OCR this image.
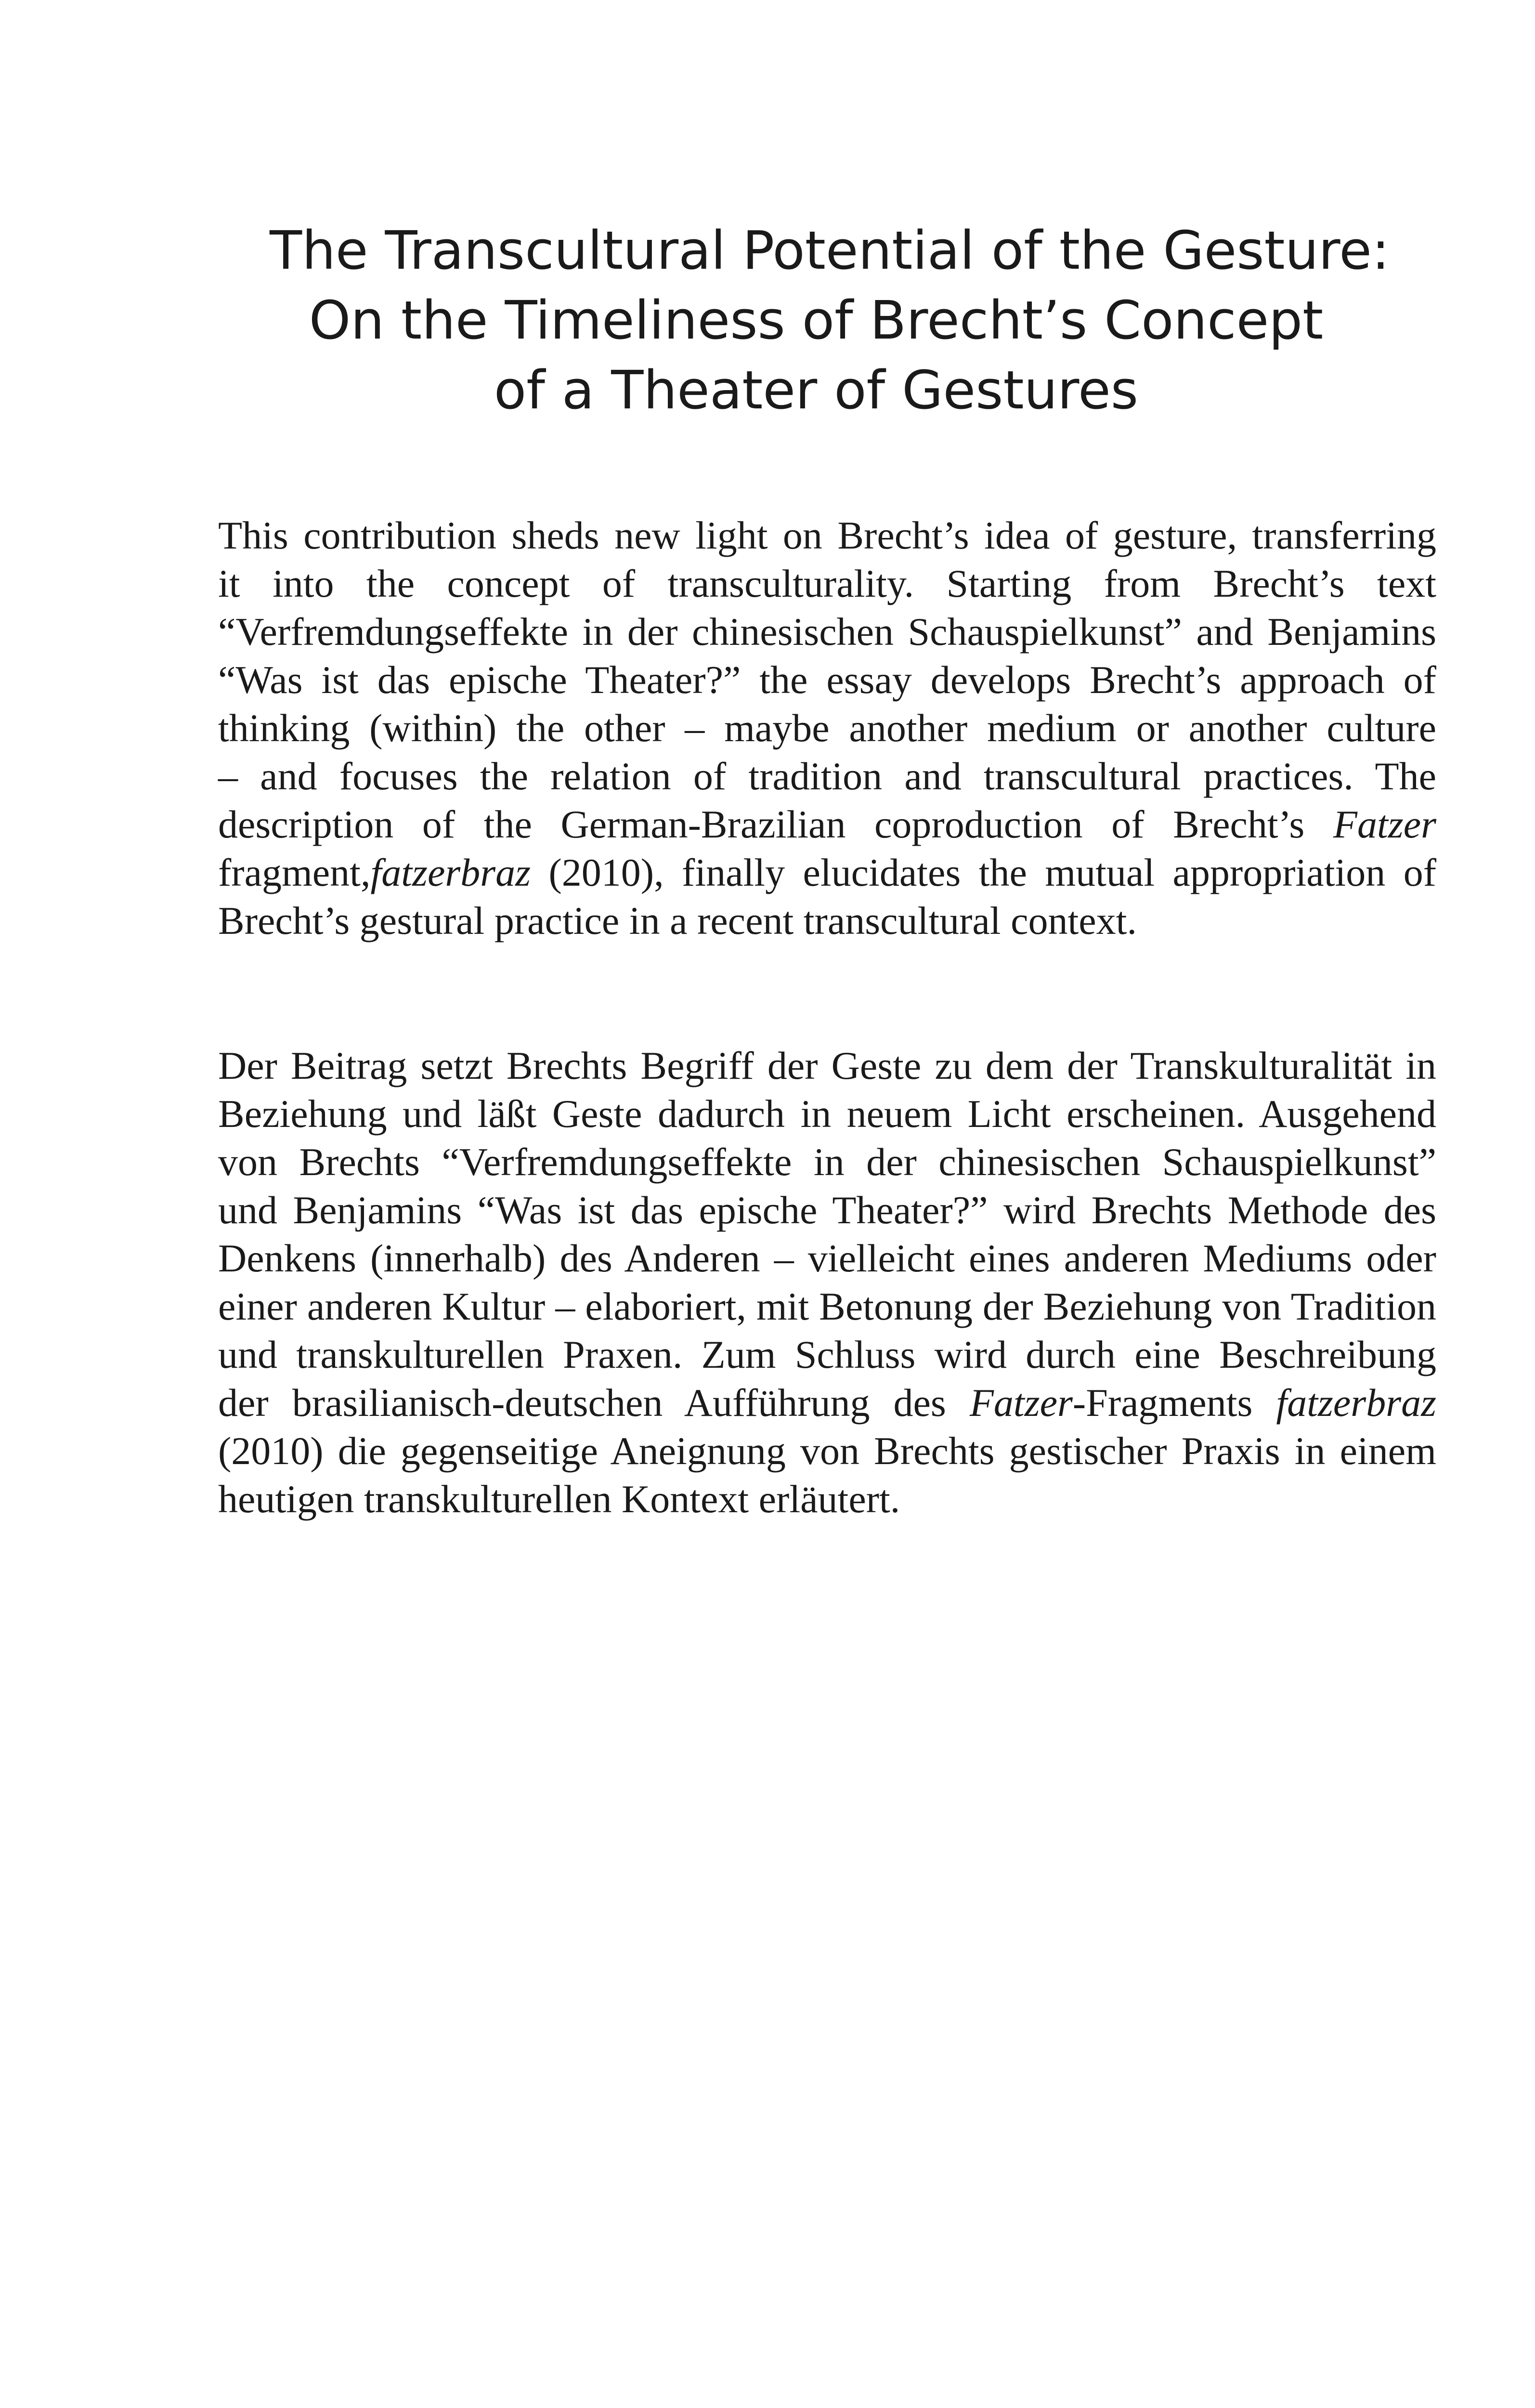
The Transcultural Potential of the Gesture:
On the Timeliness of Brecht’s Concept
of a Theater of Gestures

This contribution sheds new light on Brecht’s idea of gesture, transferring
it into the concept of transculturality. Starting from Brecht’s text
“Verfremdungseffekte in der chinesischen Schauspielkunst” and Benjamins
“Was ist das epische Theater?” the essay develops Brecht’s approach of
thinking (within) the other – maybe another medium or another culture
– and focuses the relation of tradition and transcultural practices. The
description of the German-Brazilian coproduction of Brecht’s Fatzer
fragment,fatzerbraz (2010), finally elucidates the mutual appropriation of
Brecht’s gestural practice in a recent transcultural context.

Der Beitrag setzt Brechts Begriff der Geste zu dem der Transkulturalität in
Beziehung und läßt Geste dadurch in neuem Licht erscheinen. Ausgehend
von Brechts “Verfremdungseffekte in der chinesischen Schauspielkunst”
und Benjamins “Was ist das epische Theater?” wird Brechts Methode des
Denkens (innerhalb) des Anderen – vielleicht eines anderen Mediums oder
einer anderen Kultur – elaboriert, mit Betonung der Beziehung von Tradition
und transkulturellen Praxen. Zum Schluss wird durch eine Beschreibung
der brasilianisch-deutschen Aufführung des Fatzer-Fragments fatzerbraz
(2010) die gegenseitige Aneignung von Brechts gestischer Praxis in einem
heutigen transkulturellen Kontext erläutert.
